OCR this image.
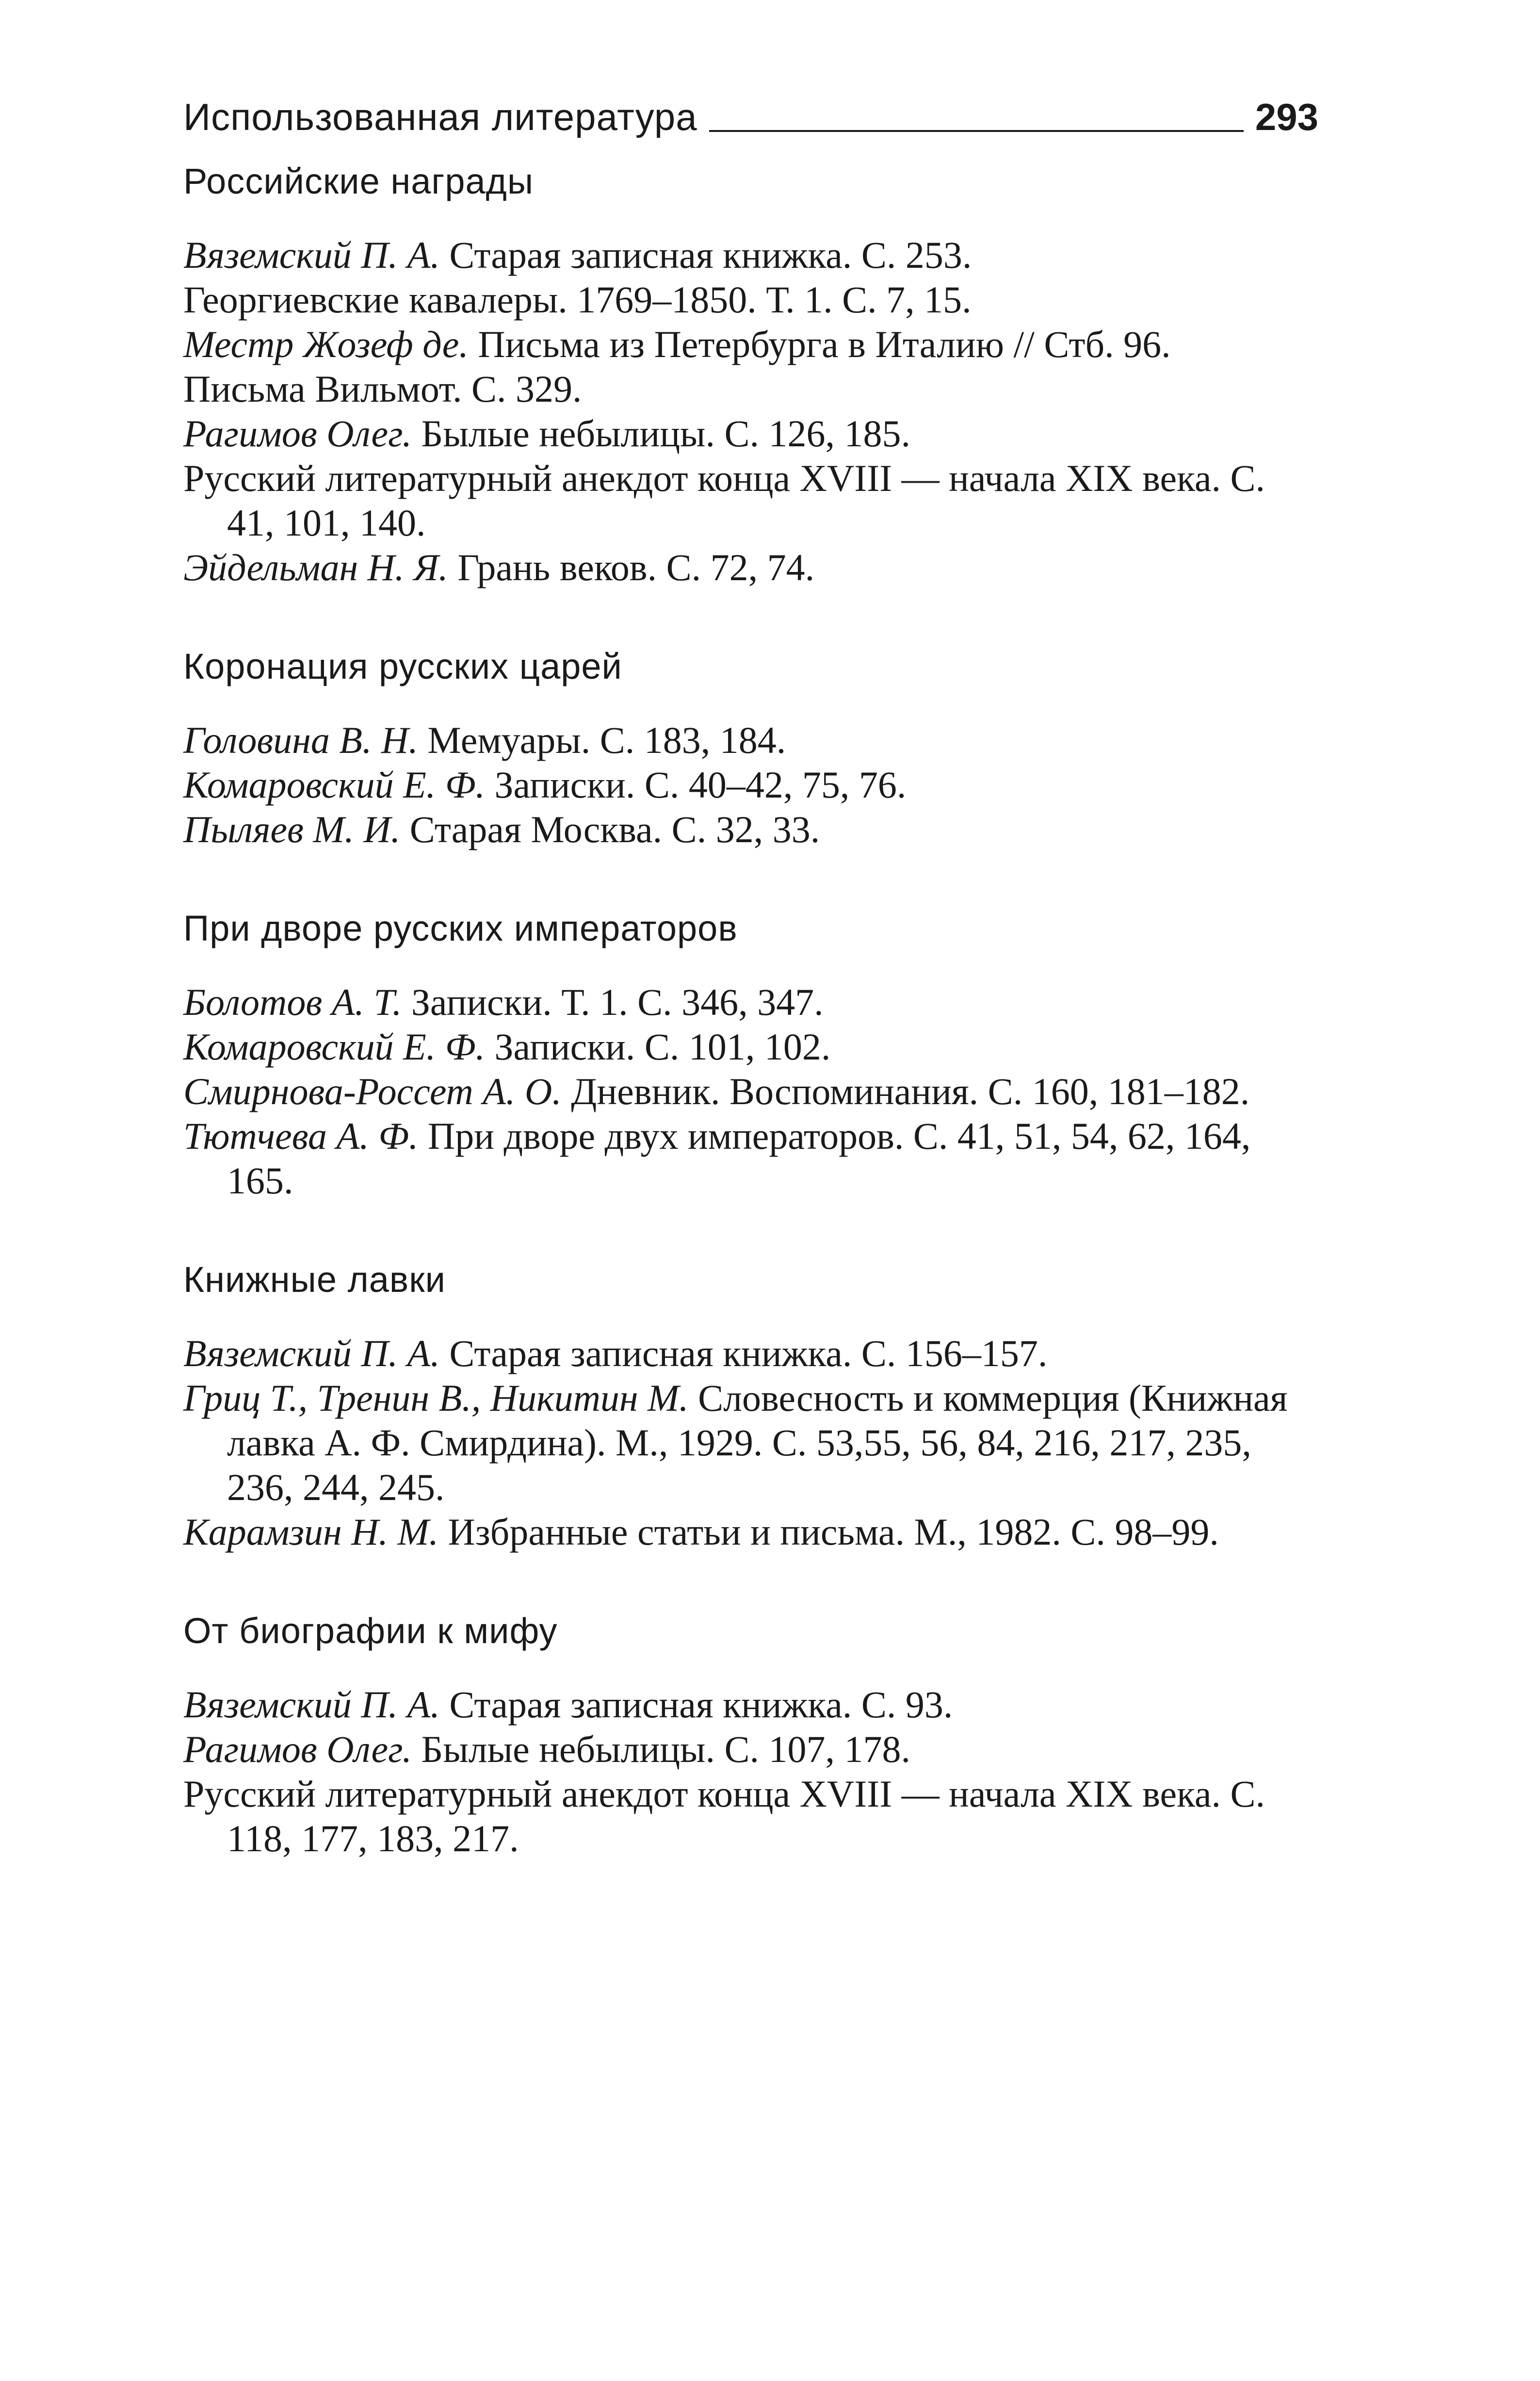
Использованная литература	293
Российские награды

Вяземский П. А. Старая записная книжка. С. 253.

Георгиевские кавалеры. 1769–1850. Т. 1. С. 7, 15.

Местр Жозеф де. Письма из Петербурга в Италию // Стб. 96.

Письма Вильмот. С. 329.

Рагимов Олег. Былые небылицы. С. 126, 185.

Русский литературный анекдот конца XVIII — начала XIX века. С. 41, 101, 140.

Эйдельман Н. Я. Грань веков. С. 72, 74.

Коронация русских царей

Головина В. Н. Мемуары. С. 183, 184.

Комаровский Е. Ф. Записки. С. 40–42, 75, 76.

Пыляев М. И. Старая Москва. С. 32, 33.

При дворе русских императоров

Болотов А. Т. Записки. Т. 1. С. 346, 347.

Комаровский Е. Ф. Записки. С. 101, 102.

Смирнова-Россет А. О. Дневник. Воспоминания. С. 160, 181–182.

Тютчева А. Ф. При дворе двух императоров. С. 41, 51, 54, 62, 164, 165.

Книжные лавки

Вяземский П. А. Старая записная книжка. С. 156–157.

Гриц Т., Тренин В., Никитин М. Словесность и коммерция (Книжная лавка А. Ф. Смирдина). М., 1929. С. 53,55, 56, 84, 216, 217, 235, 236, 244, 245.

Карамзин Н. М. Избранные статьи и письма. М., 1982. С. 98–99.

От биографии к мифу

Вяземский П. А. Старая записная книжка. С. 93.

Рагимов Олег. Былые небылицы. С. 107, 178.

Русский литературный анекдот конца XVIII — начала XIX века. С. 118, 177, 183, 217.
